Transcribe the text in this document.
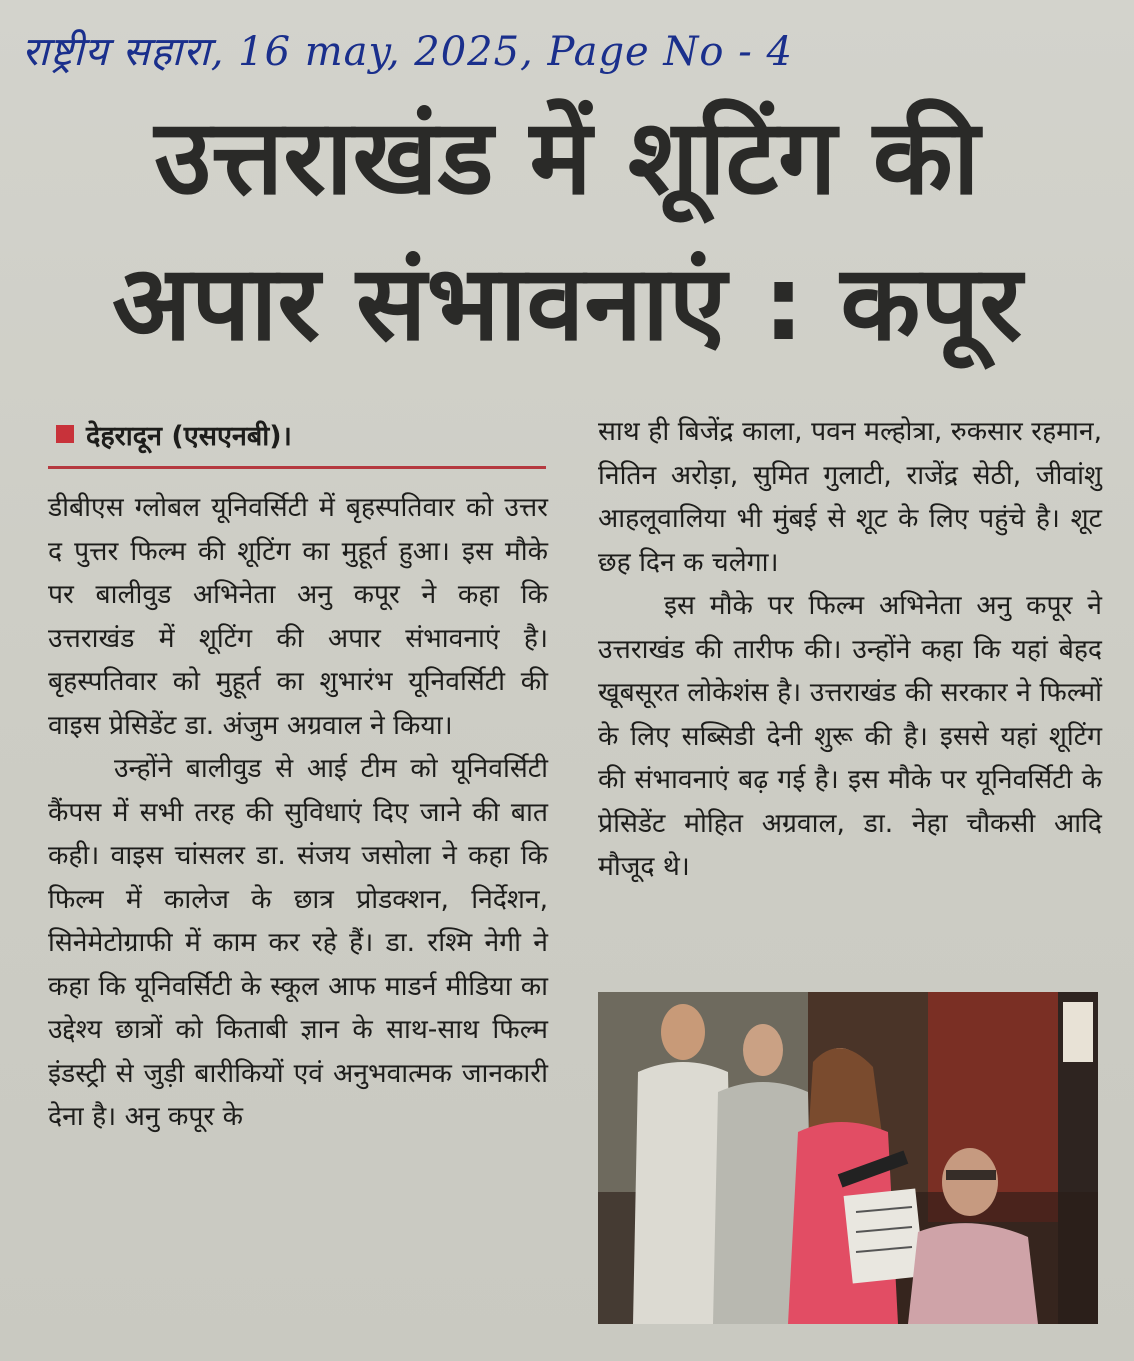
राष्ट्रीय सहारा, 16 may, 2025, Page No - 4
उत्तराखंड में शूटिंग की
अपार संभावनाएं : कपूर
देहरादून (एसएनबी)।

डीबीएस ग्लोबल यूनिवर्सिटी में बृहस्पतिवार को उत्तर द पुत्तर फिल्म की शूटिंग का मुहूर्त हुआ। इस मौके पर बालीवुड अभिनेता अनु कपूर ने कहा कि उत्तराखंड में शूटिंग की अपार संभावनाएं है। बृहस्पतिवार को मुहूर्त का शुभारंभ यूनिवर्सिटी की वाइस प्रेसिडेंट डा. अंजुम अग्रवाल ने किया।

उन्होंने बालीवुड से आई टीम को यूनिवर्सिटी कैंपस में सभी तरह की सुविधाएं दिए जाने की बात कही। वाइस चांसलर डा. संजय जसोला ने कहा कि फिल्म में कालेज के छात्र प्रोडक्शन, निर्देशन, सिनेमेटोग्राफी में काम कर रहे हैं। डा. रश्मि नेगी ने कहा कि यूनिवर्सिटी के स्कूल आफ माडर्न मीडिया का उद्देश्य छात्रों को किताबी ज्ञान के साथ-साथ फिल्म इंडस्ट्री से जुड़ी बारीकियों एवं अनुभवात्मक जानकारी देना है। अनु कपूर के

साथ ही बिजेंद्र काला, पवन मल्होत्रा, रुकसार रहमान, नितिन अरोड़ा, सुमित गुलाटी, राजेंद्र सेठी, जीवांशु आहलूवालिया भी मुंबई से शूट के लिए पहुंचे है। शूट छह दिन क चलेगा।

इस मौके पर फिल्म अभिनेता अनु कपूर ने उत्तराखंड की तारीफ की। उन्होंने कहा कि यहां बेहद खूबसूरत लोकेशंस है। उत्तराखंड की सरकार ने फिल्मों के लिए सब्सिडी देनी शुरू की है। इससे यहां शूटिंग की संभावनाएं बढ़ गई है। इस मौके पर यूनिवर्सिटी के प्रेसिडेंट मोहित अग्रवाल, डा. नेहा चौकसी आदि मौजूद थे।
